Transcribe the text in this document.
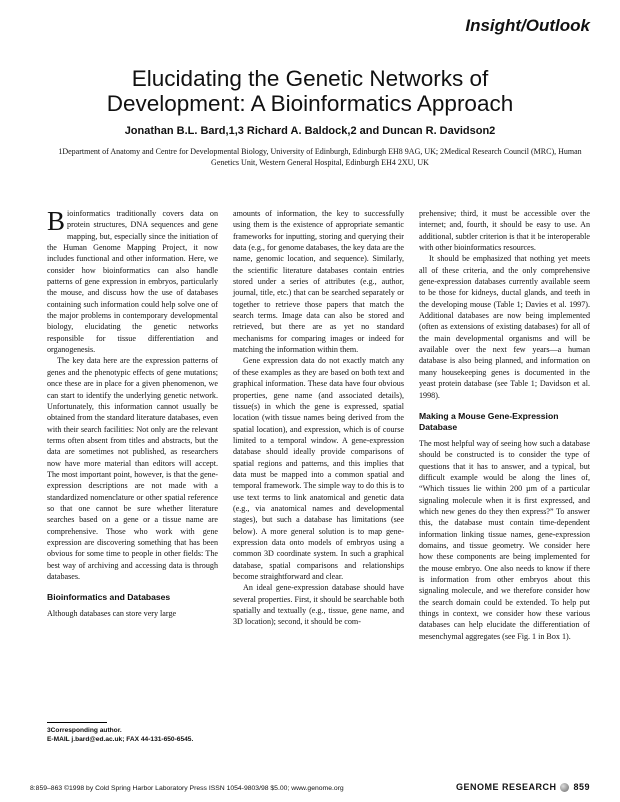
Insight/Outlook
Elucidating the Genetic Networks of
Development: A Bioinformatics Approach
Jonathan B.L. Bard,1,3 Richard A. Baldock,2 and Duncan R. Davidson2
1Department of Anatomy and Centre for Developmental Biology, University of Edinburgh, Edinburgh EH8 9AG, UK; 2Medical Research Council (MRC), Human Genetics Unit, Western General Hospital, Edinburgh EH4 2XU, UK

Bioinformatics traditionally covers data on protein structures, DNA sequences and gene mapping, but, especially since the initiation of the Human Genome Mapping Project, it now includes functional and other information. Here, we consider how bioinformatics can also handle patterns of gene expression in embryos, particularly the mouse, and discuss how the use of databases containing such information could help solve one of the major problems in contemporary developmental biology, elucidating the genetic networks responsible for tissue differentiation and organogenesis.

The key data here are the expression patterns of genes and the phenotypic effects of gene mutations; once these are in place for a given phenomenon, we can start to identify the underlying genetic network. Unfortunately, this information cannot usually be obtained from the standard literature databases, even with their search facilities: Not only are the relevant terms often absent from titles and abstracts, but the data are sometimes not published, as researchers now have more material than editors will accept. The most important point, however, is that the gene-expression descriptions are not made with a standardized nomenclature or other spatial reference so that one cannot be sure whether literature searches based on a gene or a tissue name are comprehensive. Those who work with gene expression are discovering something that has been obvious for some time to people in other fields: The best way of archiving and accessing data is through databases.

Bioinformatics and Databases

Although databases can store very large

amounts of information, the key to successfully using them is the existence of appropriate semantic frameworks for inputting, storing and querying their data (e.g., for genome databases, the key data are the name, genomic location, and sequence). Similarly, the scientific literature databases contain entries stored under a series of attributes (e.g., author, journal, title, etc.) that can be searched separately or together to retrieve those papers that match the search terms. Image data can also be stored and retrieved, but there are as yet no standard mechanisms for comparing images or indeed for matching the information within them.

Gene expression data do not exactly match any of these examples as they are based on both text and graphical information. These data have four obvious properties, gene name (and associated details), tissue(s) in which the gene is expressed, spatial location (with tissue names being derived from the spatial location), and expression, which is of course limited to a temporal window. A gene-expression database should ideally provide comparisons of spatial regions and patterns, and this implies that data must be mapped into a common spatial and temporal framework. The simple way to do this is to use text terms to link anatomical and genetic data (e.g., via anatomical names and developmental stages), but such a database has limitations (see below). A more general solution is to map gene-expression data onto models of embryos using a common 3D coordinate system. In such a graphical database, spatial comparisons and relationships become straightforward and clear.

An ideal gene-expression database should have several properties. First, it should be searchable both spatially and textually (e.g., tissue, gene name, and 3D location); second, it should be com-

prehensive; third, it must be accessible over the internet; and, fourth, it should be easy to use. An additional, subtler criterion is that it be interoperable with other bioinformatics resources.

It should be emphasized that nothing yet meets all of these criteria, and the only comprehensive gene-expression databases currently available seem to be those for kidneys, ductal glands, and teeth in the developing mouse (Table 1; Davies et al. 1997). Additional databases are now being implemented (often as extensions of existing databases) for all of the main developmental organisms and will be available over the next few years—a human database is also being planned, and information on many housekeeping genes is documented in the yeast protein database (see Table 1; Davidson et al. 1998).

Making a Mouse Gene-Expression Database

The most helpful way of seeing how such a database should be constructed is to consider the type of questions that it has to answer, and a typical, but difficult example would be along the lines of, “Which tissues lie within 200 µm of a particular signaling molecule when it is first expressed, and which new genes do they then express?” To answer this, the database must contain time-dependent information linking tissue names, gene-expression domains, and tissue geometry. We consider here how these components are being implemented for the mouse embryo. One also needs to know if there is information from other embryos about this signaling molecule, and we therefore consider how the search domain could be extended. To help put things in context, we consider how these various databases can help elucidate the differentiation of mesenchymal aggregates (see Fig. 1 in Box 1).

3Corresponding author.
E-MAIL j.bard@ed.ac.uk; FAX 44-131-650-6545.
8:859–863 ©1998 by Cold Spring Harbor Laboratory Press ISSN 1054-9803/98 $5.00; www.genome.org	GENOME RESEARCH 859
